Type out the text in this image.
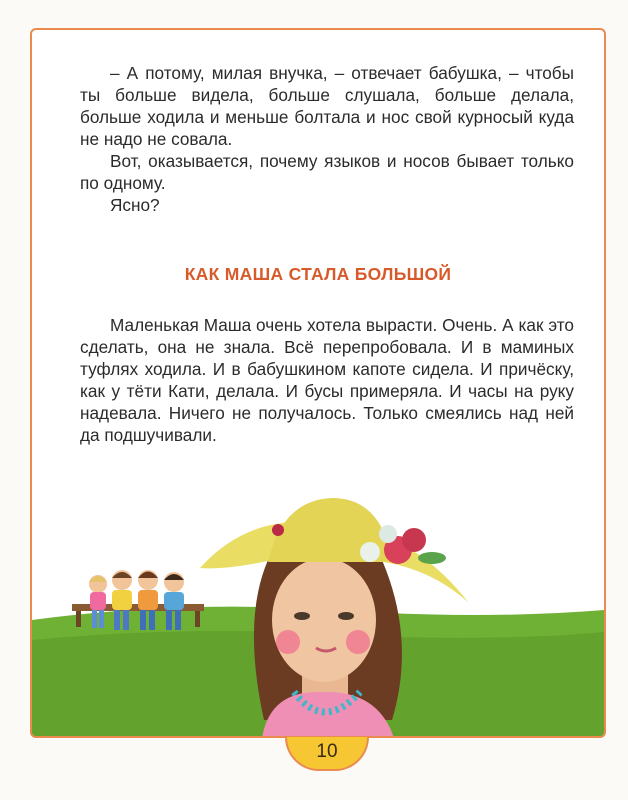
– А потому, милая внучка, – отвечает бабушка, – чтобы ты больше видела, больше слушала, больше делала, больше ходила и меньше болтала и нос свой курносый куда не надо не совала.

Вот, оказывается, почему языков и носов бывает только по одному.

Ясно?

КАК МАША СТАЛА БОЛЬШОЙ

Маленькая Маша очень хотела вырасти. Очень. А как это сделать, она не знала. Всё перепробовала. И в маминых туфлях ходила. И в бабушкином капоте сидела. И причёску, как у тёти Кати, делала. И бусы примеряла. И часы на руку надевала. Ничего не получалось. Только смеялись над ней да подшучивали.

10
